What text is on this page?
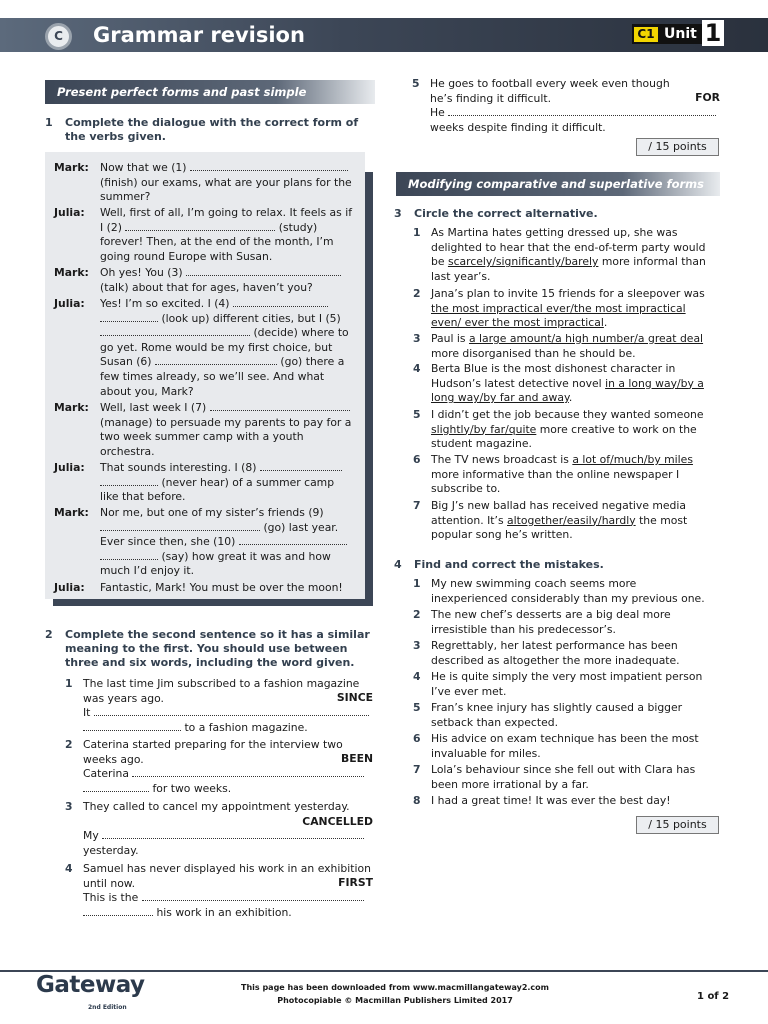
C Grammar revision	C1 Unit 1
Present perfect forms and past simple
1	Complete the dialogue with the correct form of the verbs given.
Mark: Now that we (1)  (finish) our exams, what are your plans for the summer?
Julia: Well, first of all, I’m going to relax. It feels as if I (2)	(study) forever! Then, at the end of the month, I’m going round Europe with Susan.
Mark: Oh yes! You (3)  (talk) about that for ages, haven’t you?
Julia: Yes! I’m so excited. I (4)   (look up) different cities, but I (5)  (decide) where to go yet. Rome would be my first choice, but Susan (6)	(go) there a few times already, so we’ll see. And what about you, Mark?
Mark: Well, last week I (7)  (manage) to persuade my parents to pay for a two week summer camp with a youth orchestra.
Julia: That sounds interesting. I (8)   (never hear) of a summer camp like that before.
Mark: Nor me, but one of my sister’s friends (9)  (go) last year. Ever since then, she (10)   (say) how great it was and how much I’d enjoy it.
Julia: Fantastic, Mark! You must be over the moon!
2	Complete the second sentence so it has a similar meaning to the first. You should use between three and six words, including the word given.
1 The last time Jim subscribed to a fashion magazine was years ago.	SINCE
It   to a fashion magazine.
2 Caterina started preparing for the interview two weeks ago.	BEEN
Caterina   for two weeks.
3 They called to cancel my appointment yesterday.
CANCELLED
My  yesterday.
4 Samuel has never displayed his work in an exhibition until now.	FIRST
This is the   his work in an exhibition.
5 He goes to football every week even though he’s finding it difficult.	FOR
He  weeks despite finding it difficult.
/ 15 points
Modifying comparative and superlative forms
3	Circle the correct alternative.
1 As Martina hates getting dressed up, she was delighted to hear that the end-of-term party would be scarcely/significantly/barely more informal than last year’s.
2 Jana’s plan to invite 15 friends for a sleepover was the most impractical ever/the most impractical even/ ever the most impractical.
3 Paul is a large amount/a high number/a great deal more disorganised than he should be.
4 Berta Blue is the most dishonest character in Hudson’s latest detective novel in a long way/by a long way/by far and away.
5 I didn’t get the job because they wanted someone slightly/by far/quite more creative to work on the student magazine.
6 The TV news broadcast is a lot of/much/by miles more informative than the online newspaper I subscribe to.
7 Big J’s new ballad has received negative media attention. It’s altogether/easily/hardly the most popular song he’s written.
4	Find and correct the mistakes.
1 My new swimming coach seems more inexperienced considerably than my previous one.
2 The new chef’s desserts are a big deal more irresistible than his predecessor’s.
3 Regrettably, her latest performance has been described as altogether the more inadequate.
4 He is quite simply the very most impatient person I’ve ever met.
5 Fran’s knee injury has slightly caused a bigger setback than expected.
6 His advice on exam technique has been the most invaluable for miles.
7 Lola’s behaviour since she fell out with Clara has been more irrational by a far.
8 I had a great time! It was ever the best day!
/ 15 points
Gateway
2nd Edition
This page has been downloaded from www.macmillangateway2.com
Photocopiable © Macmillan Publishers Limited 2017	1 of 2
